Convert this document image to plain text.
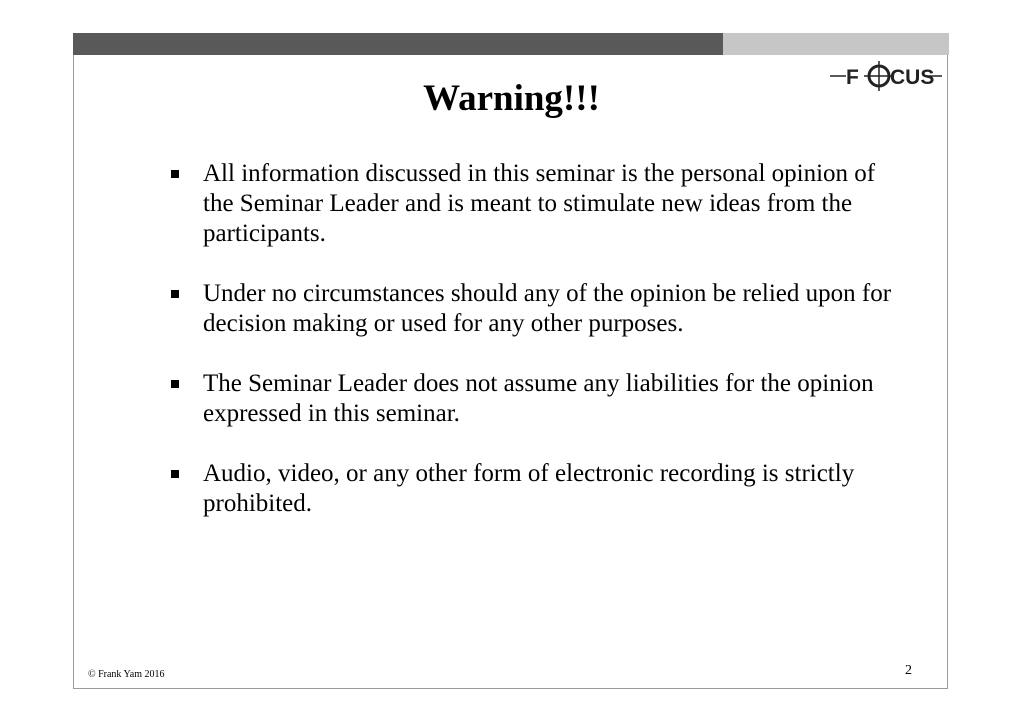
F CUS
Warning!!!
All information discussed in this seminar is the personal opinion of the Seminar Leader and is meant to stimulate new ideas from the participants.
Under no circumstances should any of the opinion be relied upon for decision making or used for any other purposes.
The Seminar Leader does not assume any liabilities for the opinion expressed in this seminar.
Audio, video, or any other form of electronic recording is strictly prohibited.
© Frank Yam 2016	2
